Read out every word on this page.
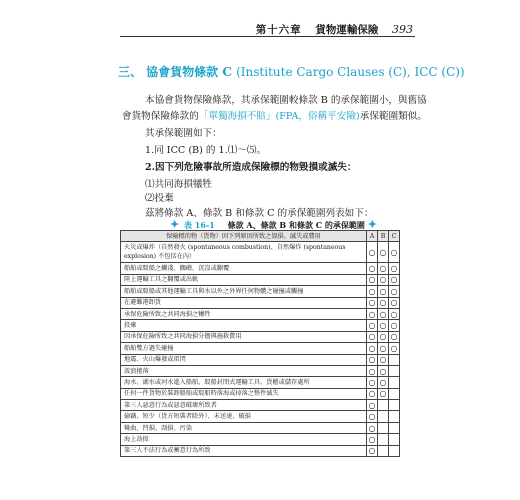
第十六章 貨物運輸保險 393
三、 協會貨物條款 C (Institute Cargo Clauses (C), ICC (C))
本協會貨物保險條款，其承保範圍較條款 B 的承保範圍小，與舊協
會貨物保險條款的「單獨海損不賠」(FPA，俗稱平安險)承保範圍類似。
其承保範圍如下：
1.同 ICC (B) 的 1.⑴～⑸。
2.因下列危險事故所造成保險標的物毀損或滅失：
⑴共同海損犧牲
⑵投棄
✦ 表 16-1 條款 A、條款 B 和條款 C 的承保範圍 ✦
保險標的物（貨物）因下列原因所致之毀損、滅失或費用	A	B	C
火災或爆炸（自然發火 (spontaneous combustion)、自然爆炸 (spontaneous explosion) 不包括在內）	○	○	○
船舶或駁船之觸淺、擱礁、沉沒或翻覆	○	○	○
陸上運輸工具之翻覆或出軌	○	○	○
船舶或駁船或其他運輸工具與水以外之外界任何物體之碰撞或觸撞	○	○	○
在避難港卸貨	○	○	○
承保危險所致之共同海損之犧牲	○	○	○
投棄	○	○	○
因承保危險所致之共同海損分擔與施救費用	○	○	○
船舶雙方過失碰撞	○	○	○
地震、火山爆發或雷閃	○	○	
波浪捲落	○	○	
海水、湖水或河水進入船舶、駁船封閉式運輸工具、貨櫃或儲存處所	○	○	
任何一件貨物於裝卸船舶或駁船時落海或掉落之整件滅失	○	○	
第三人惡意行為或惡意破壞所致者	○		
偷竊、短少（貨方短裝者除外）、未送達、破損	○		
彎曲、凹損、刮損、污染	○		
海上劫掠	○		
第三人不法行為或蓄意行為所致	○		
茲將條款 A、條款 B 和條款 C 的承保範圍列表如下：
